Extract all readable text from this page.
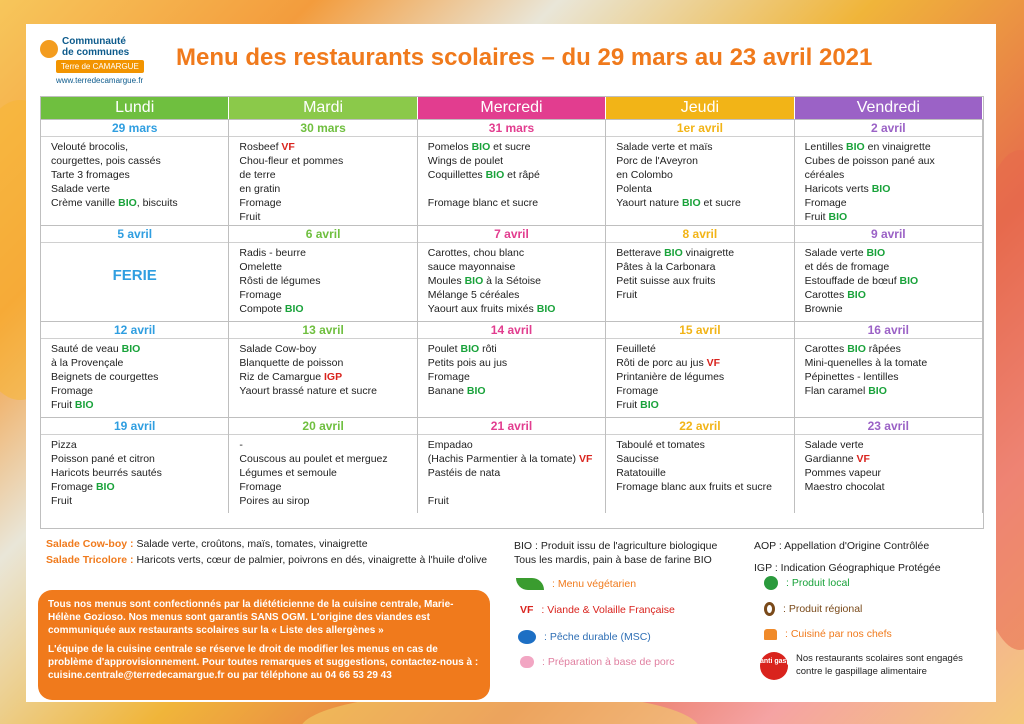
Communauté
de communes
Terre de CAMARGUE
www.terredecamargue.fr
Menu des restaurants scolaires – du 29 mars au 23 avril 2021
Lundi	Mardi	Mercredi	Jeudi	Vendredi
29 mars
Velouté brocolis,
courgettes, pois cassés
Tarte 3 fromages
Salade verte
Crème vanille BIO, biscuits
30 mars
Rosbeef VF
Chou-fleur et pommes
de terre
en gratin
Fromage
Fruit
31 mars
Pomelos BIO et sucre
Wings de poulet
Coquillettes BIO et râpé

Fromage blanc et sucre
1er avril
Salade verte et maïs
Porc de l'Aveyron
en Colombo
Polenta
Yaourt nature BIO et sucre
2 avril
Lentilles BIO en vinaigrette
Cubes de poisson pané aux
céréales
Haricots verts BIO
Fromage
Fruit BIO
5 avril
FERIE
6 avril
Radis - beurre
Omelette
Rôsti de légumes
Fromage
Compote BIO
7 avril
Carottes, chou blanc
sauce mayonnaise
Moules BIO à la Sétoise
Mélange 5 céréales
Yaourt aux fruits mixés BIO
8 avril
Betterave BIO vinaigrette
Pâtes à la Carbonara
Petit suisse aux fruits
Fruit
9 avril
Salade verte BIO
et dés de fromage
Estouffade de bœuf BIO
Carottes BIO
Brownie
12 avril
Sauté de veau BIO
à la Provençale
Beignets de courgettes
Fromage
Fruit BIO
13 avril
Salade Cow-boy
Blanquette de poisson
Riz de Camargue IGP
Yaourt brassé nature et sucre
14 avril
Poulet BIO rôti
Petits pois au jus
Fromage
Banane BIO
15 avril
Feuilleté
Rôti de porc au jus VF
Printanière de légumes
Fromage
Fruit BIO
16 avril
Carottes BIO râpées
Mini-quenelles à la tomate
Pépinettes - lentilles
Flan caramel BIO
19 avril
Pizza
Poisson pané et citron
Haricots beurrés sautés
Fromage BIO
Fruit
20 avril
-
Couscous au poulet et merguez
Légumes et semoule
Fromage
Poires au sirop
21 avril
Empadao
(Hachis Parmentier à la tomate) VF
Pastéis de nata

Fruit
22 avril
Taboulé et tomates
Saucisse
Ratatouille
Fromage blanc aux fruits et sucre
23 avril
Salade verte
Gardianne VF
Pommes vapeur
Maestro chocolat
Salade Cow-boy : Salade verte, croûtons, maïs, tomates, vinaigrette
Salade Tricolore : Haricots verts, cœur de palmier, poivrons en dés, vinaigrette à l'huile d'olive

Tous nos menus sont confectionnés par la diététicienne de la cuisine centrale, Marie-Hélène Gozioso. Nos menus sont garantis SANS OGM. L'origine des viandes est communiquée aux restaurants scolaires sur la « Liste des allergènes »

L'équipe de la cuisine centrale se réserve le droit de modifier les menus en cas de problème d'approvisionnement. Pour toutes remarques et suggestions, contactez-nous à : cuisine.centrale@terredecamargue.fr ou par téléphone au 04 66 53 29 43

BIO : Produit issu de l'agriculture biologique
Tous les mardis, pain à base de farine BIO
AOP : Appellation d'Origine Contrôlée
IGP : Indication Géographique Protégée
: Menu végétarien	: Produit local
VF : Viande & Volaille Française	: Produit régional
: Pêche durable (MSC)	: Cuisiné par nos chefs
: Préparation à base de porc	anti gaspi Nos restaurants scolaires sont engagés contre le gaspillage alimentaire
